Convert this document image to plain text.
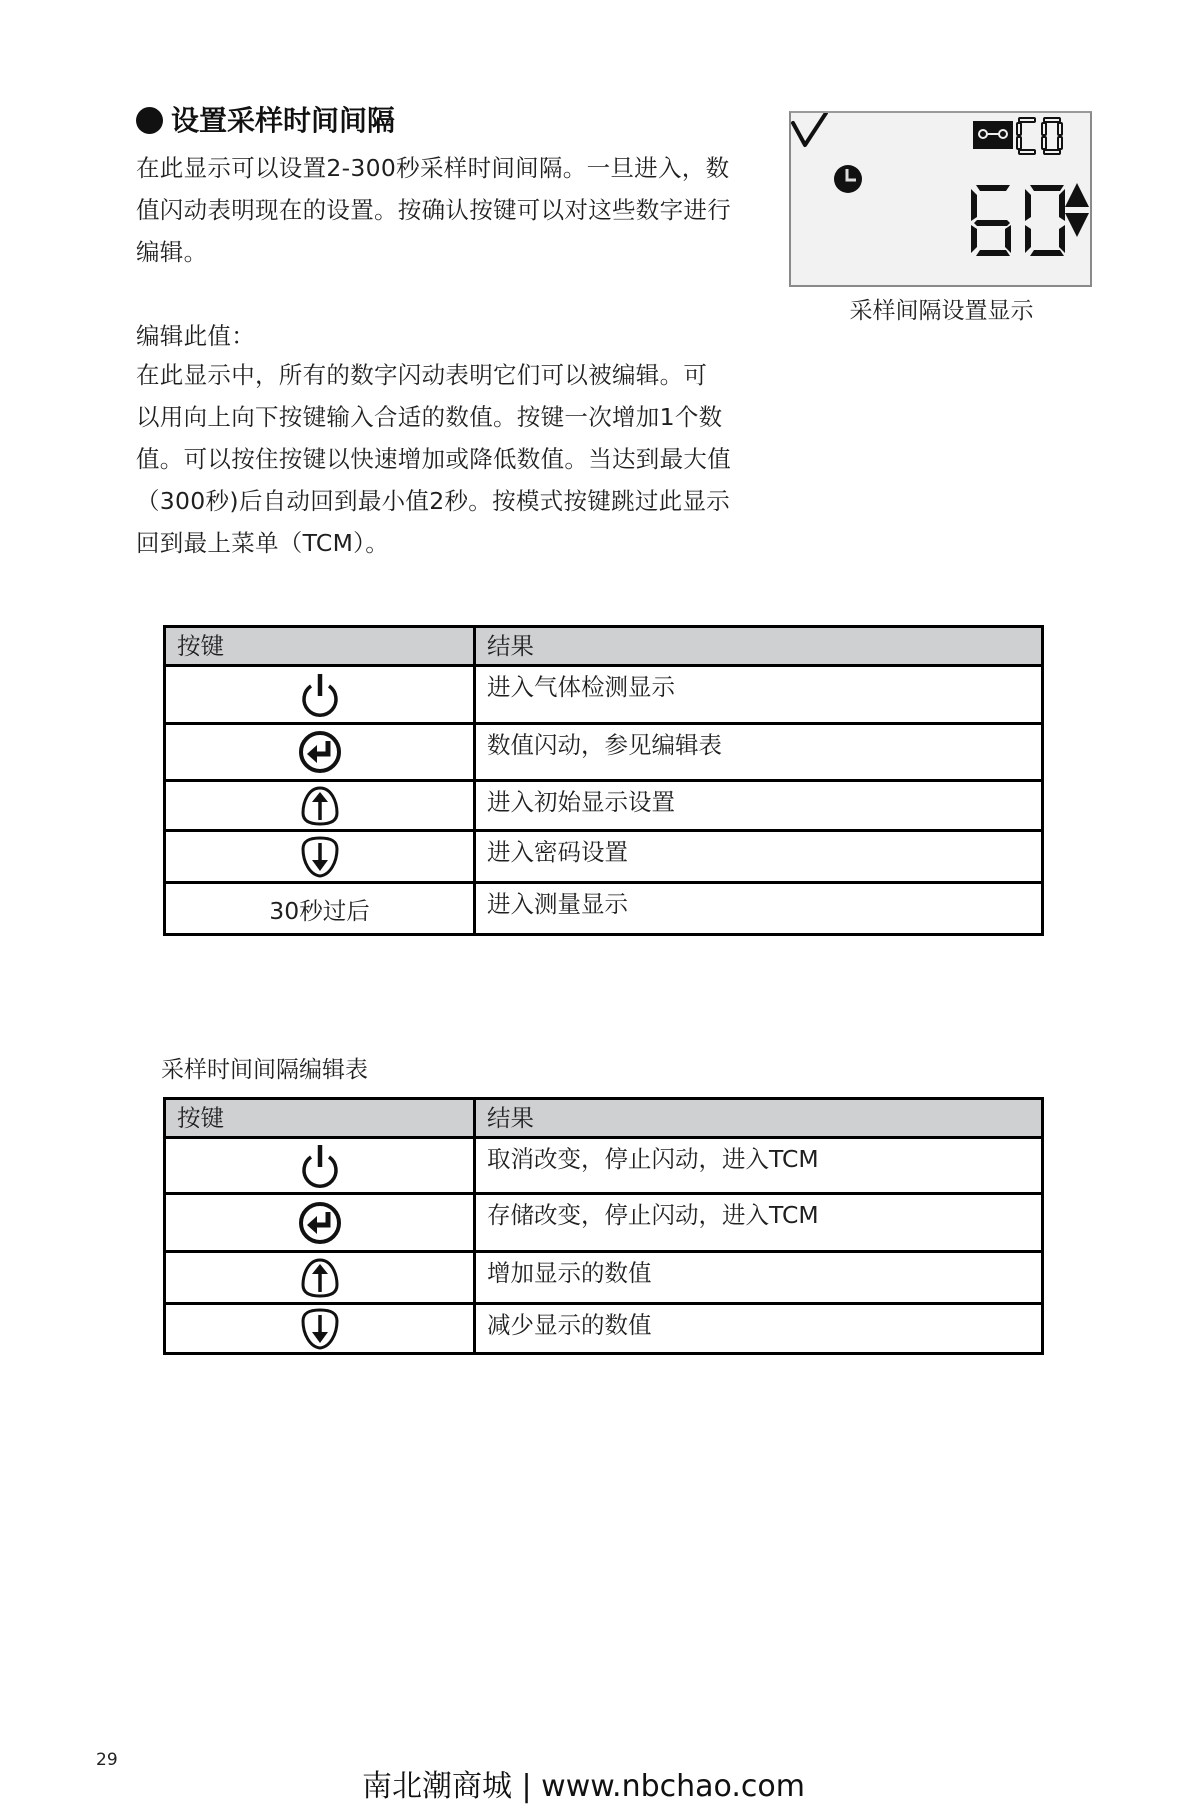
设置采样时间间隔
在此显示可以设置2-300秒采样时间间隔。一旦进入，数
值闪动表明现在的设置。按确认按键可以对这些数字进行
编辑。
编辑此值：
在此显示中，所有的数字闪动表明它们可以被编辑。可
以用向上向下按键输入合适的数值。按键一次增加1个数
值。可以按住按键以快速增加或降低数值。当达到最大值
（300秒)后自动回到最小值2秒。按模式按键跳过此显示
回到最上菜单（TCM）。
采样间隔设置显示
按键	结果
	进入气体检测显示
	数值闪动，参见编辑表
	进入初始显示设置
	进入密码设置
30秒过后	进入测量显示
采样时间间隔编辑表
按键	结果
	取消改变，停止闪动，进入TCM
	存储改变，停止闪动，进入TCM
	增加显示的数值
	减少显示的数值
29
南北潮商城 | www.nbchao.com
